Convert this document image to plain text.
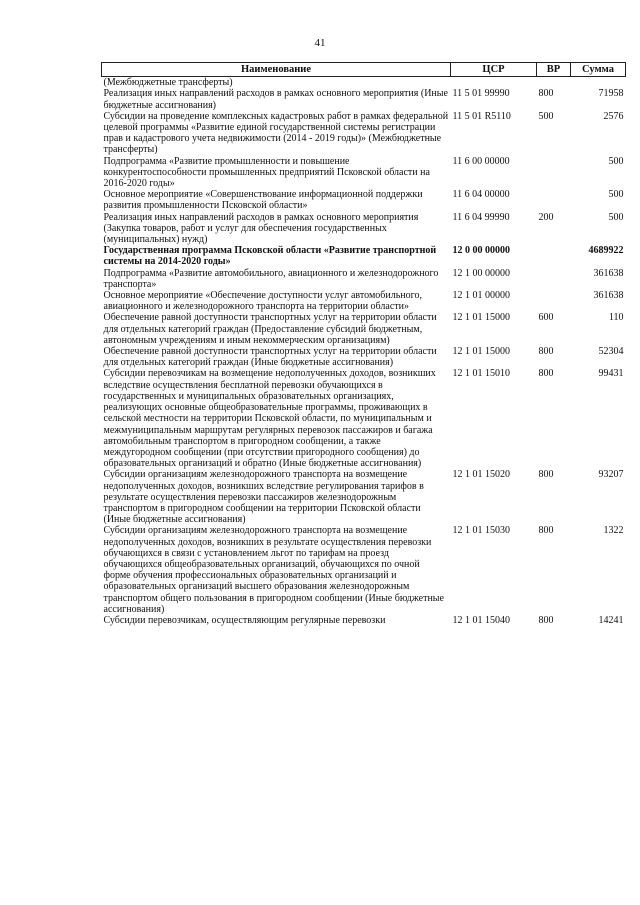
41
Наименование	ЦСР	ВР	Сумма
(Межбюджетные трансферты)			
Реализация иных направлений расходов в рамках основного мероприятия (Иные бюджетные ассигнования)	11 5 01 99990	800	71958
Субсидии на проведение комплексных кадастровых работ в рамках федеральной целевой программы «Развитие единой государственной системы регистрации прав и кадастрового учета недвижимости (2014 - 2019 годы)» (Межбюджетные трансферты)	11 5 01 R5110	500	2576
Подпрограмма «Развитие промышленности и повышение конкурентоспособности промышленных предприятий Псковской области на 2016-2020 годы»	11 6 00 00000		500
Основное мероприятие «Совершенствование информационной поддержки развития промышленности Псковской области»	11 6 04 00000		500
Реализация иных направлений расходов в рамках основного мероприятия (Закупка товаров, работ и услуг для обеспечения государственных (муниципальных) нужд)	11 6 04 99990	200	500
Государственная программа Псковской области «Развитие транспортной системы на 2014-2020 годы»	12 0 00 00000		4689922
Подпрограмма «Развитие автомобильного, авиационного и железнодорожного транспорта»	12 1 00 00000		361638
Основное мероприятие «Обеспечение доступности услуг автомобильного, авиационного и железнодорожного транспорта на территории области»	12 1 01 00000		361638
Обеспечение равной доступности транспортных услуг на территории области для отдельных категорий граждан (Предоставление субсидий бюджетным, автономным учреждениям и иным некоммерческим организациям)	12 1 01 15000	600	110
Обеспечение равной доступности транспортных услуг на территории области для отдельных категорий граждан (Иные бюджетные ассигнования)	12 1 01 15000	800	52304
Субсидии перевозчикам на возмещение недополученных доходов, возникших вследствие осуществления бесплатной перевозки обучающихся в государственных и муниципальных образовательных организациях, реализующих основные общеобразовательные программы, проживающих в сельской местности на территории Псковской области, по муниципальным и межмуниципальным маршрутам регулярных перевозок пассажиров и багажа автомобильным транспортом в пригородном сообщении, а также междугородном сообщении (при отсутствии пригородного сообщения) до образовательных организаций и обратно (Иные бюджетные ассигнования)	12 1 01 15010	800	99431
Субсидии организациям железнодорожного транспорта на возмещение недополученных доходов, возникших вследствие регулирования тарифов в результате осуществления перевозки пассажиров железнодорожным транспортом в пригородном сообщении на территории Псковской области (Иные бюджетные ассигнования)	12 1 01 15020	800	93207
Субсидии организациям железнодорожного транспорта на возмещение недополученных доходов, возникших в результате осуществления перевозки обучающихся в связи с установлением льгот по тарифам на проезд обучающихся общеобразовательных организаций, обучающихся по очной форме обучения профессиональных образовательных организаций и образовательных организаций высшего образования железнодорожным транспортом общего пользования в пригородном сообщении (Иные бюджетные ассигнования)	12 1 01 15030	800	1322
Субсидии перевозчикам, осуществляющим регулярные перевозки	12 1 01 15040	800	14241
